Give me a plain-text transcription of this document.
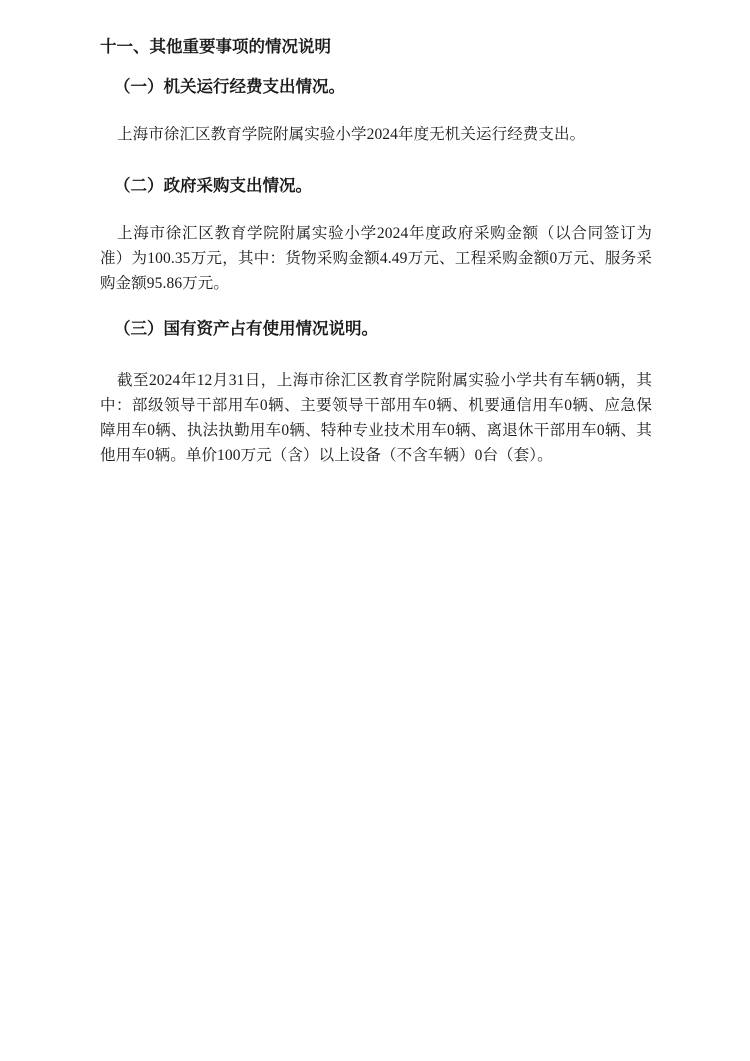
十一、其他重要事项的情况说明
（一）机关运行经费支出情况。

上海市徐汇区教育学院附属实验小学2024年度无机关运行经费支出。

（二）政府采购支出情况。

上海市徐汇区教育学院附属实验小学2024年度政府采购金额（以合同签订为准）为100.35万元，其中：货物采购金额4.49万元、工程采购金额0万元、服务采购金额95.86万元。

（三）国有资产占有使用情况说明。

截至2024年12月31日，上海市徐汇区教育学院附属实验小学共有车辆0辆，其中：部级领导干部用车0辆、主要领导干部用车0辆、机要通信用车0辆、应急保障用车0辆、执法执勤用车0辆、特种专业技术用车0辆、离退休干部用车0辆、其他用车0辆。单价100万元（含）以上设备（不含车辆）0台（套）。
